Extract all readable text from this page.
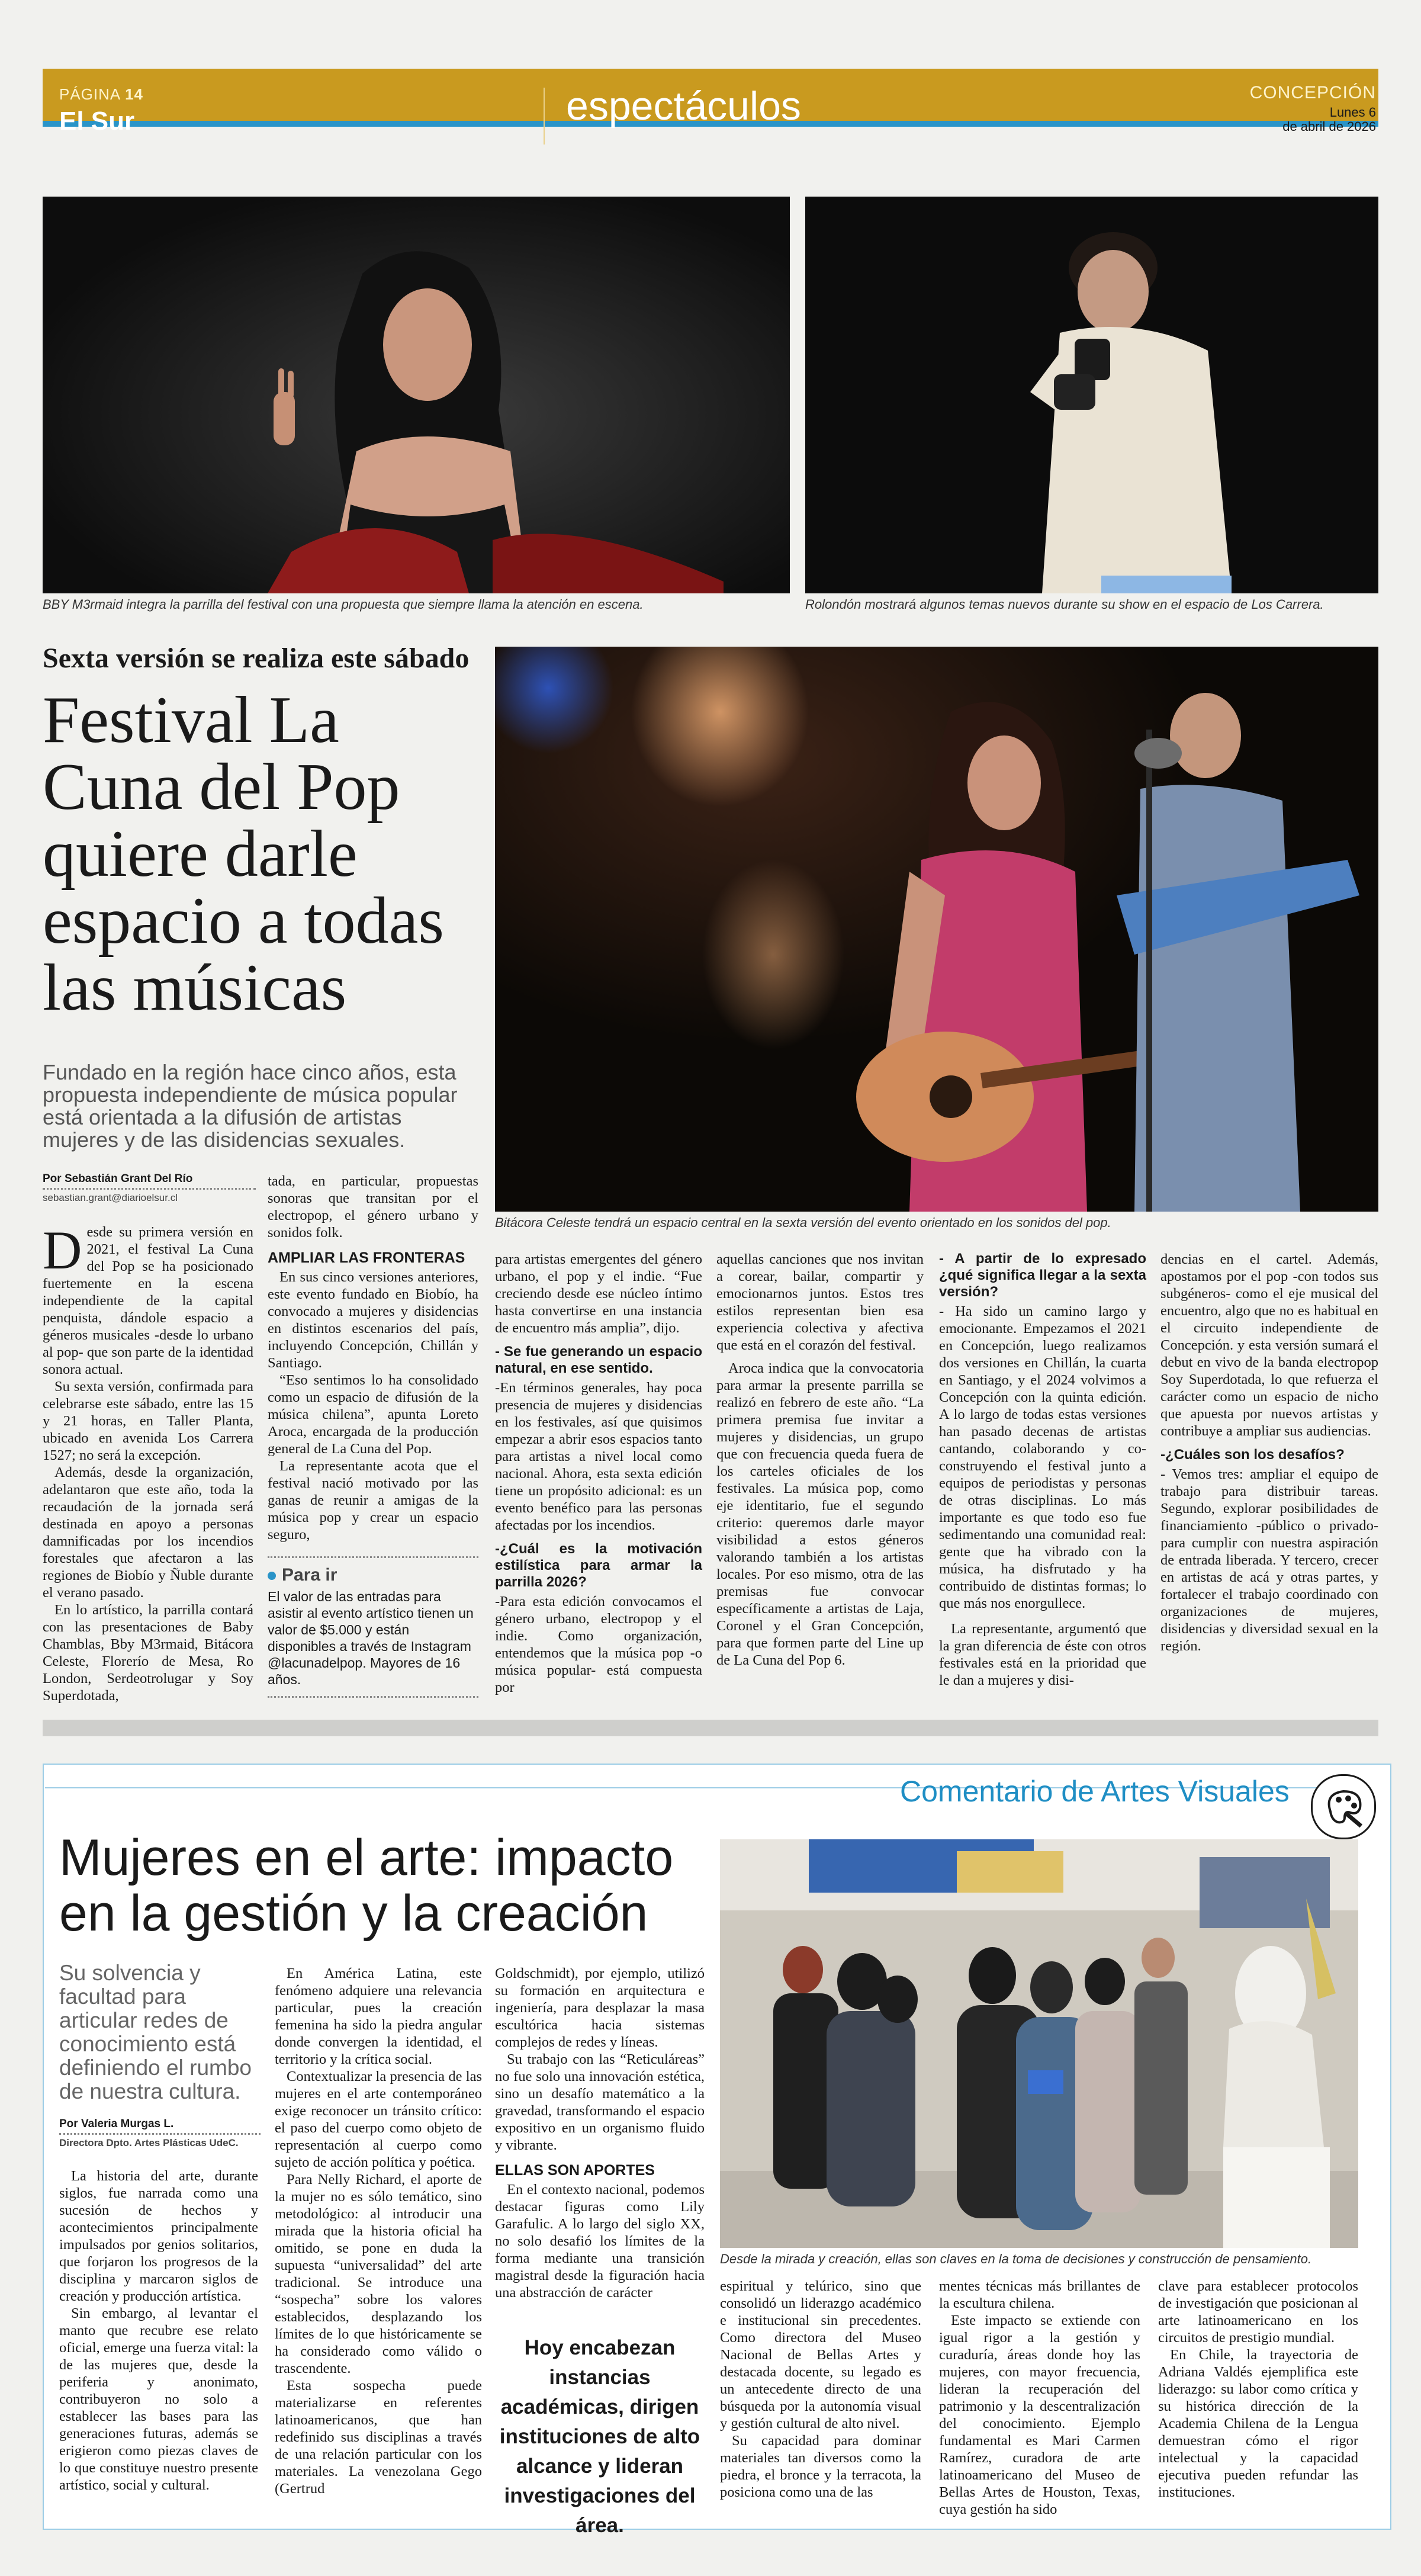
PÁGINA 14
El Sur	espectáculos	CONCEPCIÓN
Lunes 6
de abril de 2026
BBY M3rmaid integra la parrilla del festival con una propuesta que siempre llama la atención en escena.	Rolondón mostrará algunos temas nuevos durante su show en el espacio de Los Carrera.
Sexta versión se realiza este sábado
Festival La
Cuna del Pop
quiere darle
espacio a todas
las músicas
Fundado en la región hace cinco años, esta
propuesta independiente de música popular
está orientada a la difusión de artistas
mujeres y de las disidencias sexuales.
Bitácora Celeste tendrá un espacio central en la sexta versión del evento orientado en los sonidos del pop.
Por Sebastián Grant Del Río
sebastian.grant@diarioelsur.cl

Desde su primera versión en 2021, el festival La Cuna del Pop se ha posicionado fuertemente en la escena independiente de la capital penquista, dándole espacio a géneros musicales -desde lo urbano al pop- que son parte de la identidad sonora actual.

Su sexta versión, confirmada para celebrarse este sábado, entre las 15 y 21 horas, en Taller Planta, ubicado en avenida Los Carrera 1527; no será la excepción.

Además, desde la organización, adelantaron que este año, toda la recaudación de la jornada será destinada en apoyo a personas damnificadas por los incendios forestales que afectaron a las regiones de Biobío y Ñuble durante el verano pasado.

En lo artístico, la parrilla contará con las presentaciones de Baby Chamblas, Bby M3rmaid, Bitácora Celeste, Florerío de Mesa, Ro London, Serdeotrolugar y Soy Superdotada,

tada, en particular, propuestas sonoras que transitan por el electropop, el género urbano y sonidos folk.

AMPLIAR LAS FRONTERAS

En sus cinco versiones anteriores, este evento fundado en Biobío, ha convocado a mujeres y disidencias en distintos escenarios del país, incluyendo Concepción, Chillán y Santiago.

“Eso sentimos lo ha consolidado como un espacio de difusión de la música chilena”, apunta Loreto Aroca, encargada de la producción general de La Cuna del Pop.

La representante acota que el festival nació motivado por las ganas de reunir a amigas de la música pop y crear un espacio seguro,

Para ir

El valor de las entradas para asistir al evento artístico tienen un valor de $5.000 y están disponibles a través de Instagram @lacunadelpop. Mayores de 16 años.

para artistas emergentes del género urbano, el pop y el indie. “Fue creciendo desde ese núcleo íntimo hasta convertirse en una instancia de encuentro más amplia”, dijo.

- Se fue generando un espacio natural, en ese sentido.

-En términos generales, hay poca presencia de mujeres y disidencias en los festivales, así que quisimos empezar a abrir esos espacios tanto para artistas a nivel local como nacional. Ahora, esta sexta edición tiene un propósito adicional: es un evento benéfico para las personas afectadas por los incendios.

-¿Cuál es la motivación estilística para armar la parrilla 2026?

-Para esta edición convocamos el género urbano, electropop y el indie. Como organización, entendemos que la música pop -o música popular- está compuesta por

aquellas canciones que nos invitan a corear, bailar, compartir y emocionarnos juntos. Estos tres estilos representan bien esa experiencia colectiva y afectiva que está en el corazón del festival.

Aroca indica que la convocatoria para armar la presente parrilla se realizó en febrero de este año. “La primera premisa fue invitar a mujeres y disidencias, un grupo que con frecuencia queda fuera de los carteles oficiales de los festivales. La música pop, como eje identitario, fue el segundo criterio: queremos darle mayor visibilidad a estos géneros valorando también a los artistas locales. Por eso mismo, otra de las premisas fue convocar específicamente a artistas de Laja, Coronel y el Gran Concepción, para que formen parte del Line up de La Cuna del Pop 6.

- A partir de lo expresado ¿qué significa llegar a la sexta versión?

- Ha sido un camino largo y emocionante. Empezamos el 2021 en Concepción, luego realizamos dos versiones en Chillán, la cuarta en Santiago, y el 2024 volvimos a Concepción con la quinta edición. A lo largo de todas estas versiones han pasado decenas de artistas cantando, colaborando y co-construyendo el festival junto a equipos de periodistas y personas de otras disciplinas. Lo más importante es que todo eso fue sedimentando una comunidad real: gente que ha vibrado con la música, ha disfrutado y ha contribuido de distintas formas; lo que más nos enorgullece.

La representante, argumentó que la gran diferencia de éste con otros festivales está en la prioridad que le dan a mujeres y disi-

dencias en el cartel. Además, apostamos por el pop -con todos sus subgéneros- como el eje musical del encuentro, algo que no es habitual en el circuito independiente de Concepción. y esta versión sumará el debut en vivo de la banda electropop Soy Superdotada, lo que refuerza el carácter como un espacio de nicho que apuesta por nuevos artistas y contribuye a ampliar sus audiencias.

-¿Cuáles son los desafíos?

- Vemos tres: ampliar el equipo de trabajo para distribuir tareas. Segundo, explorar posibilidades de financiamiento -público o privado- para cumplir con nuestra aspiración de entrada liberada. Y tercero, crecer en artistas de acá y otras partes, y fortalecer el trabajo coordinado con organizaciones de mujeres, disidencias y diversidad sexual en la región.

Comentario de Artes Visuales
Mujeres en el arte: impacto
en la gestión y la creación
Su solvencia y
facultad para
articular redes de
conocimiento está
definiendo el rumbo
de nuestra cultura.
Por Valeria Murgas L.
Directora Dpto. Artes Plásticas UdeC.
Desde la mirada y creación, ellas son claves en la toma de decisiones y construcción de pensamiento.

La historia del arte, durante siglos, fue narrada como una sucesión de hechos y acontecimientos principalmente impulsados por genios solitarios, que forjaron los progresos de la disciplina y marcaron siglos de creación y producción artística.

Sin embargo, al levantar el manto que recubre ese relato oficial, emerge una fuerza vital: la de las mujeres que, desde la periferia y anonimato, contribuyeron no solo a establecer las bases para las generaciones futuras, además se erigieron como piezas claves de lo que constituye nuestro presente artístico, social y cultural.

En América Latina, este fenómeno adquiere una relevancia particular, pues la creación femenina ha sido la piedra angular donde convergen la identidad, el territorio y la crítica social.

Contextualizar la presencia de las mujeres en el arte contemporáneo exige reconocer un tránsito crítico: el paso del cuerpo como objeto de representación al cuerpo como sujeto de acción política y poética.

Para Nelly Richard, el aporte de la mujer no es sólo temático, sino metodológico: al introducir una mirada que la historia oficial ha omitido, se pone en duda la supuesta “universalidad” del arte tradicional. Se introduce una “sospecha” sobre los valores establecidos, desplazando los límites de lo que históricamente se ha considerado como válido o trascendente.

Esta sospecha puede materializarse en referentes latinoamericanos, que han redefinido sus disciplinas a través de una relación particular con los materiales. La venezolana Gego (Gertrud

Goldschmidt), por ejemplo, utilizó su formación en arquitectura e ingeniería, para desplazar la masa escultórica hacia sistemas complejos de redes y líneas.

Su trabajo con las “Reticuláreas” no fue solo una innovación estética, sino un desafío matemático a la gravedad, transformando el espacio expositivo en un organismo fluido y vibrante.

ELLAS SON APORTES

En el contexto nacional, podemos destacar figuras como Lily Garafulic. A lo largo del siglo XX, no solo desafió los límites de la forma mediante una transición magistral desde la figuración hacia una abstracción de carácter

Hoy encabezan instancias
académicas, dirigen
instituciones de alto
alcance y lideran
investigaciones del área.

espiritual y telúrico, sino que consolidó un liderazgo académico e institucional sin precedentes. Como directora del Museo Nacional de Bellas Artes y destacada docente, su legado es un antecedente directo de una búsqueda por la autonomía visual y gestión cultural de alto nivel.

Su capacidad para dominar materiales tan diversos como la piedra, el bronce y la terracota, la posiciona como una de las

mentes técnicas más brillantes de la escultura chilena.

Este impacto se extiende con igual rigor a la gestión y curaduría, áreas donde hoy las mujeres, con mayor frecuencia, lideran la recuperación del patrimonio y la descentralización del conocimiento. Ejemplo fundamental es Mari Carmen Ramírez, curadora de arte latinoamericano del Museo de Bellas Artes de Houston, Texas, cuya gestión ha sido

clave para establecer protocolos de investigación que posicionan al arte latinoamericano en los circuitos de prestigio mundial.

En Chile, la trayectoria de Adriana Valdés ejemplifica este liderazgo: su labor como crítica y su histórica dirección de la Academia Chilena de la Lengua demuestran cómo el rigor intelectual y la capacidad ejecutiva pueden refundar las instituciones.
